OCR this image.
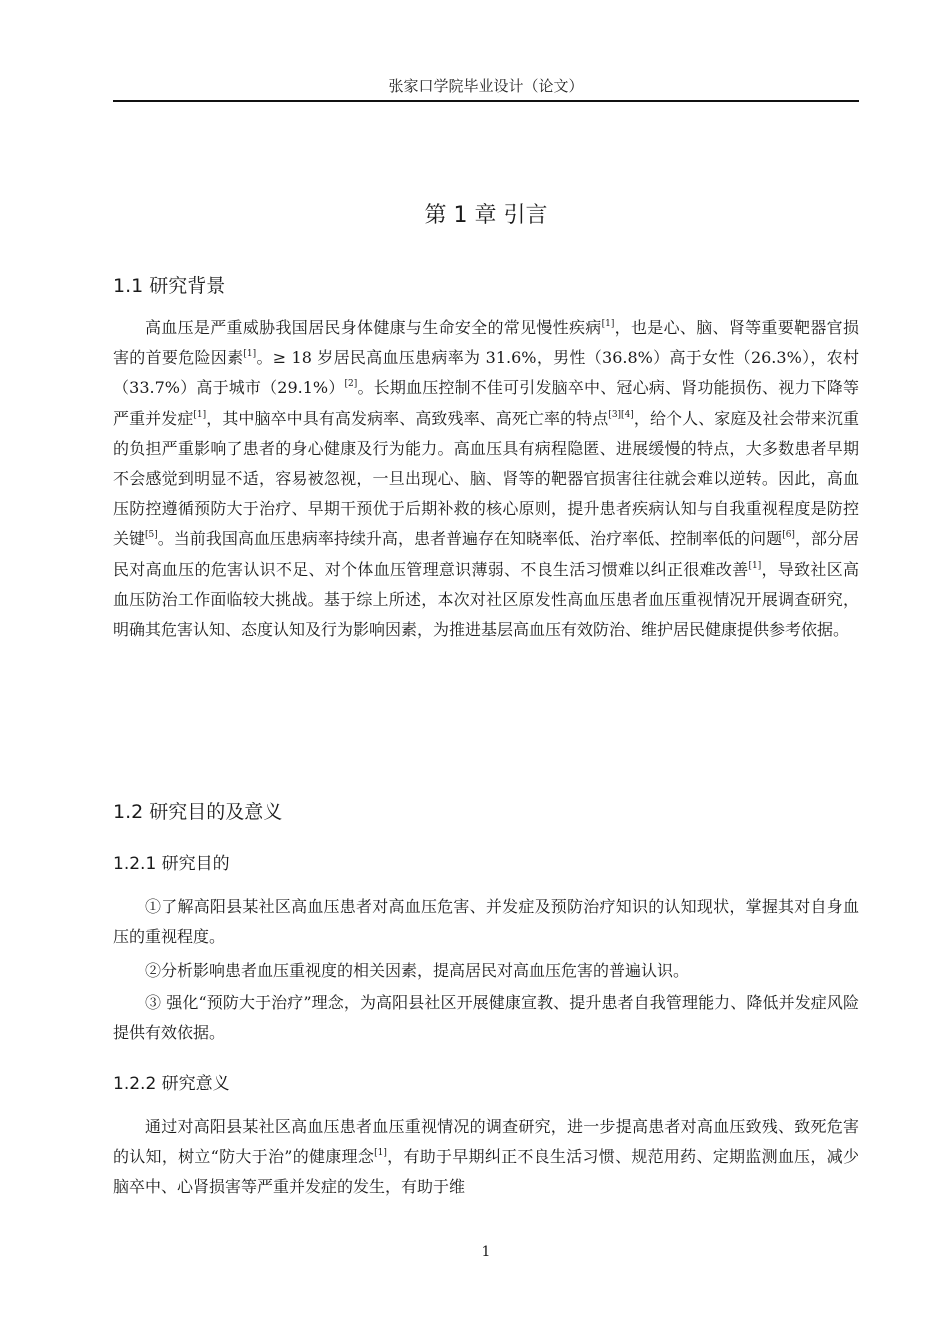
张家口学院毕业设计（论文）
第 1 章 引言
1.1 研究背景

高血压是严重威胁我国居民身体健康与生命安全的常见慢性疾病[1]，也是心、脑、肾等重要靶器官损害的首要危险因素[1]。≥ 18 岁居民高血压患病率为 31.6%，男性（36.8%）高于女性（26.3%），农村（33.7%）高于城市（29.1%）[2]。长期血压控制不佳可引发脑卒中、冠心病、肾功能损伤、视力下降等严重并发症[1]，其中脑卒中具有高发病率、高致残率、高死亡率的特点[3][4]，给个人、家庭及社会带来沉重的负担严重影响了患者的身心健康及行为能力。高血压具有病程隐匿、进展缓慢的特点，大多数患者早期不会感觉到明显不适，容易被忽视，一旦出现心、脑、肾等的靶器官损害往往就会难以逆转。因此，高血压防控遵循预防大于治疗、早期干预优于后期补救的核心原则，提升患者疾病认知与自我重视程度是防控关键[5]。当前我国高血压患病率持续升高，患者普遍存在知晓率低、治疗率低、控制率低的问题[6]，部分居民对高血压的危害认识不足、对个体血压管理意识薄弱、不良生活习惯难以纠正很难改善[1]，导致社区高血压防治工作面临较大挑战。基于综上所述，本次对社区原发性高血压患者血压重视情况开展调查研究，明确其危害认知、态度认知及行为影响因素，为推进基层高血压有效防治、维护居民健康提供参考依据。

1.2 研究目的及意义
1.2.1 研究目的

①了解高阳县某社区高血压患者对高血压危害、并发症及预防治疗知识的认知现状，掌握其对自身血压的重视程度。

②分析影响患者血压重视度的相关因素，提高居民对高血压危害的普遍认识。

③ 强化“预防大于治疗”理念，为高阳县社区开展健康宣教、提升患者自我管理能力、降低并发症风险提供有效依据。

1.2.2 研究意义

通过对高阳县某社区高血压患者血压重视情况的调查研究，进一步提高患者对高血压致残、致死危害的认知，树立“防大于治”的健康理念[1]，有助于早期纠正不良生活习惯、规范用药、定期监测血压，减少脑卒中、心肾损害等严重并发症的发生，有助于维

1
